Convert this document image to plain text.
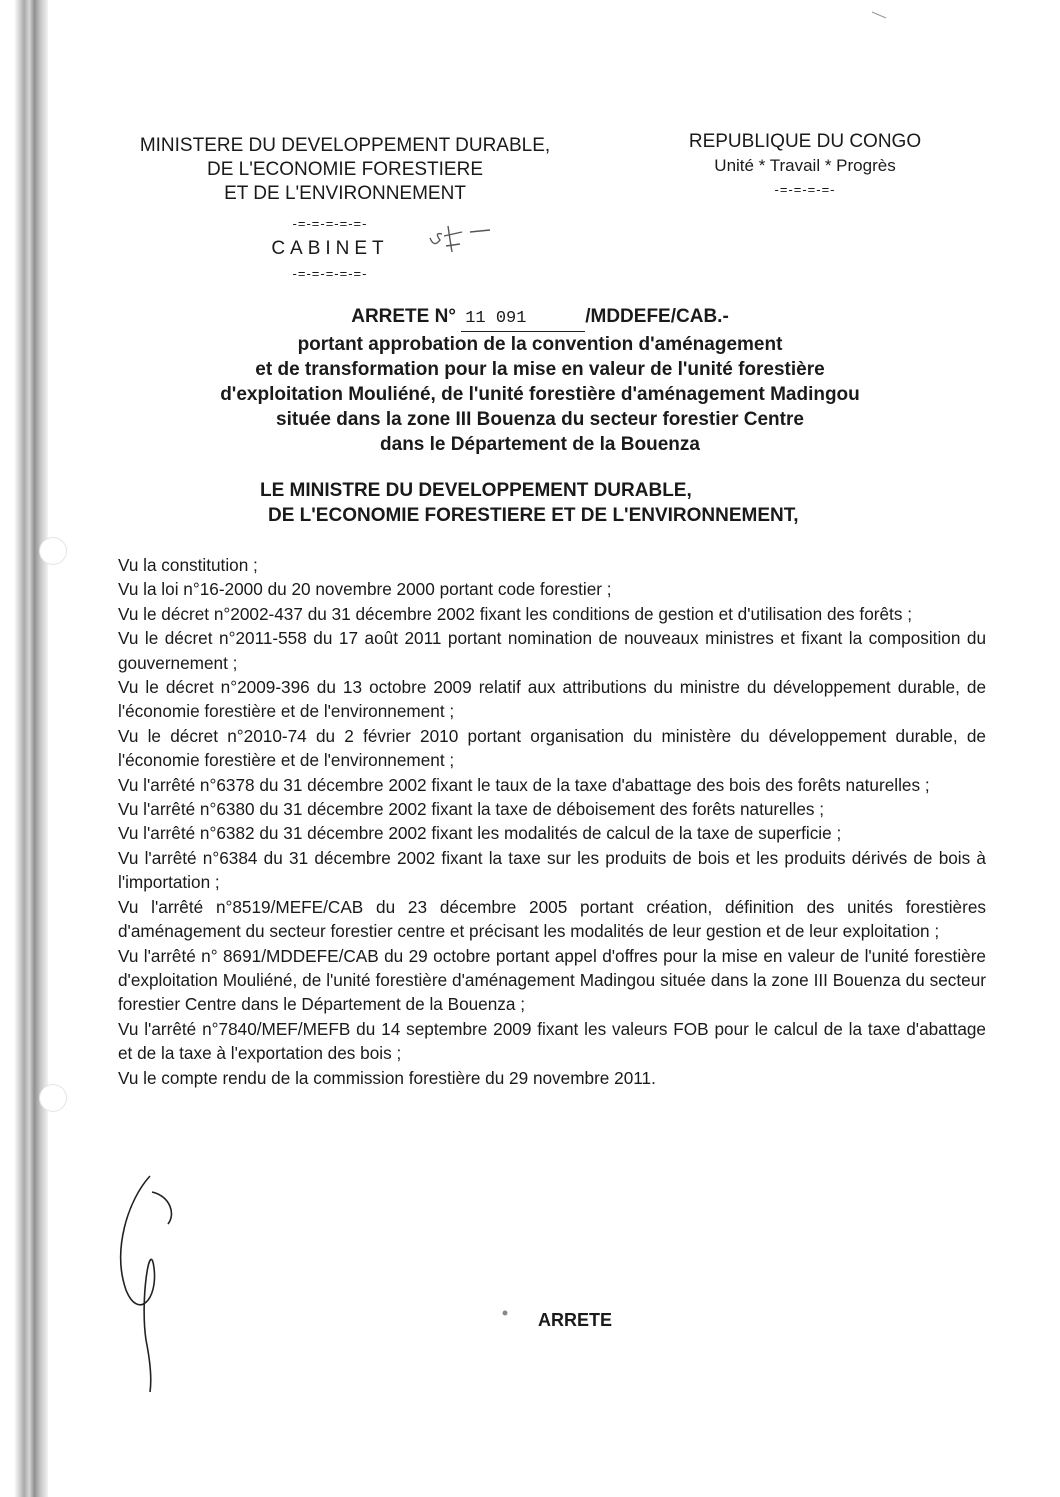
MINISTERE DU DEVELOPPEMENT DURABLE,
DE L'ECONOMIE FORESTIERE
ET DE L'ENVIRONNEMENT
REPUBLIQUE DU CONGO
Unité * Travail * Progrès
-=-=-=-=-
-=-=-=-=-=-
CABINET
-=-=-=-=-=-
ARRETE N° 11 091	/MDDEFE/CAB.-
portant approbation de la convention d'aménagement
et de transformation pour la mise en valeur de l'unité forestière
d'exploitation Mouliéné, de l'unité forestière d'aménagement Madingou
située dans la zone III Bouenza du secteur forestier Centre
dans le Département de la Bouenza
LE MINISTRE DU DEVELOPPEMENT DURABLE,
DE L'ECONOMIE FORESTIERE ET DE L'ENVIRONNEMENT,
Vu la constitution ;
Vu la loi n°16-2000 du 20 novembre 2000 portant code forestier ;
Vu le décret n°2002-437 du 31 décembre 2002 fixant les conditions de gestion et d'utilisation des forêts ;
Vu le décret n°2011-558 du 17 août 2011 portant nomination de nouveaux ministres et fixant la composition du gouvernement ;
Vu le décret n°2009-396 du 13 octobre 2009 relatif aux attributions du ministre du développement durable, de l'économie forestière et de l'environnement ;
Vu le décret n°2010-74 du 2 février 2010 portant organisation du ministère du développement durable, de l'économie forestière et de l'environnement ;
Vu l'arrêté n°6378 du 31 décembre 2002 fixant le taux de la taxe d'abattage des bois des forêts naturelles ;
Vu l'arrêté n°6380 du 31 décembre 2002 fixant la taxe de déboisement des forêts naturelles ;
Vu l'arrêté n°6382 du 31 décembre 2002 fixant les modalités de calcul de la taxe de superficie ;
Vu l'arrêté n°6384 du 31 décembre 2002 fixant la taxe sur les produits de bois et les produits dérivés de bois à l'importation ;
Vu l'arrêté n°8519/MEFE/CAB du 23 décembre 2005 portant création, définition des unités forestières d'aménagement du secteur forestier centre et précisant les modalités de leur gestion et de leur exploitation ;
Vu l'arrêté n° 8691/MDDEFE/CAB du 29 octobre portant appel d'offres pour la mise en valeur de l'unité forestière d'exploitation Mouliéné, de l'unité forestière d'aménagement Madingou située dans la zone III Bouenza du secteur forestier Centre dans le Département de la Bouenza ;
Vu l'arrêté n°7840/MEF/MEFB du 14 septembre 2009 fixant les valeurs FOB pour le calcul de la taxe d'abattage et de la taxe à l'exportation des bois ;
Vu le compte rendu de la commission forestière du 29 novembre 2011.
ARRETE
